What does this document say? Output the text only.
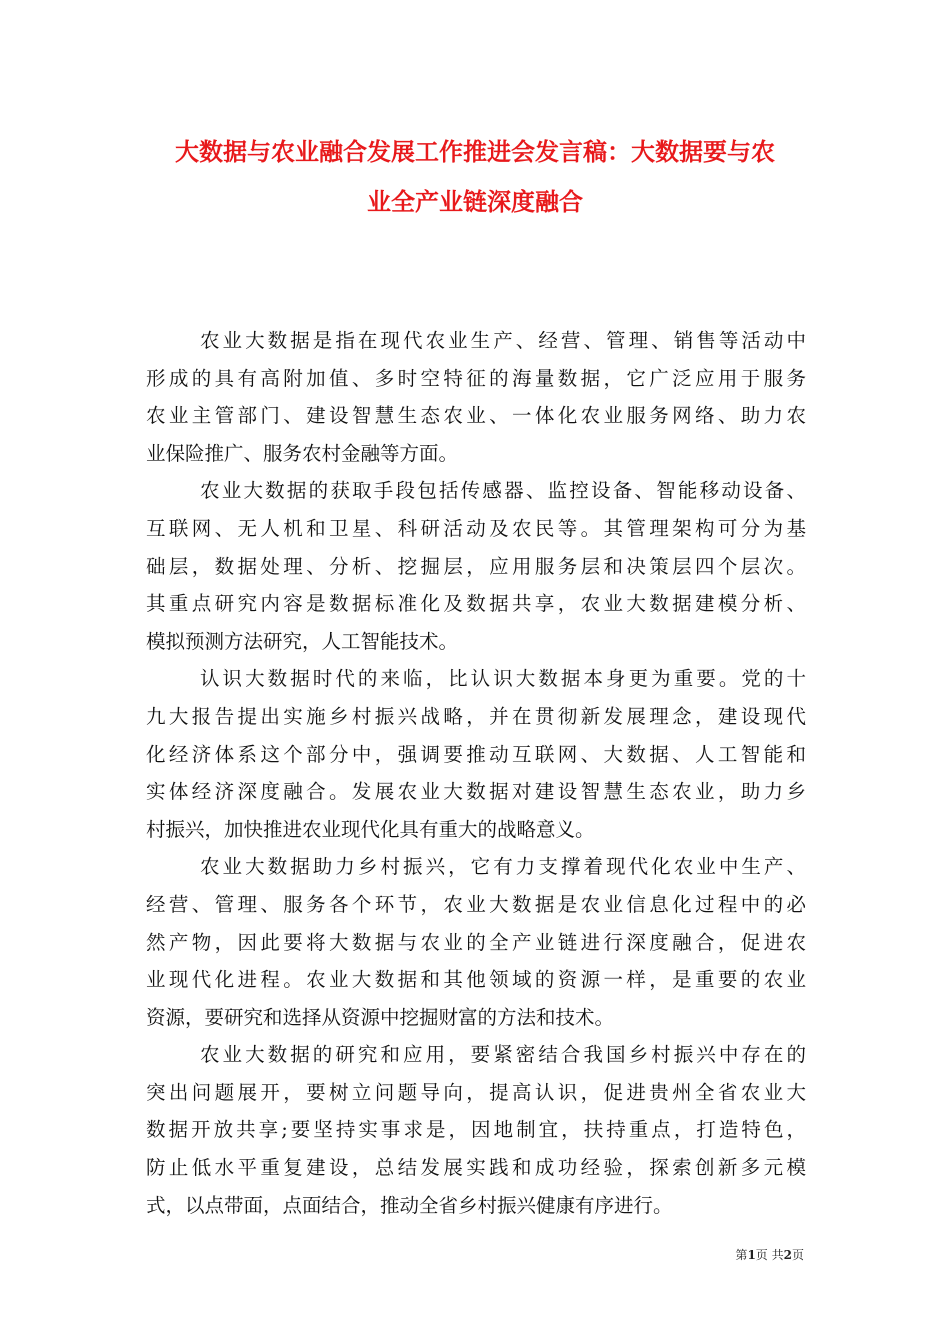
大数据与农业融合发展工作推进会发言稿：大数据要与农
业全产业链深度融合

农业大数据是指在现代农业生产、经营、管理、销售等活动中
形成的具有高附加值、多时空特征的海量数据，它广泛应用于服务
农业主管部门、建设智慧生态农业、一体化农业服务网络、助力农
业保险推广、服务农村金融等方面。

农业大数据的获取手段包括传感器、监控设备、智能移动设备、
互联网、无人机和卫星、科研活动及农民等。其管理架构可分为基
础层，数据处理、分析、挖掘层，应用服务层和决策层四个层次。
其重点研究内容是数据标准化及数据共享，农业大数据建模分析、
模拟预测方法研究，人工智能技术。

认识大数据时代的来临，比认识大数据本身更为重要。党的十
九大报告提出实施乡村振兴战略，并在贯彻新发展理念，建设现代
化经济体系这个部分中，强调要推动互联网、大数据、人工智能和
实体经济深度融合。发展农业大数据对建设智慧生态农业，助力乡
村振兴，加快推进农业现代化具有重大的战略意义。

农业大数据助力乡村振兴，它有力支撑着现代化农业中生产、
经营、管理、服务各个环节，农业大数据是农业信息化过程中的必
然产物，因此要将大数据与农业的全产业链进行深度融合，促进农
业现代化进程。农业大数据和其他领域的资源一样，是重要的农业
资源，要研究和选择从资源中挖掘财富的方法和技术。

农业大数据的研究和应用，要紧密结合我国乡村振兴中存在的
突出问题展开，要树立问题导向，提高认识，促进贵州全省农业大
数据开放共享;要坚持实事求是，因地制宜，扶持重点，打造特色，
防止低水平重复建设，总结发展实践和成功经验，探索创新多元模
式，以点带面，点面结合，推动全省乡村振兴健康有序进行。

第1页 共2页
